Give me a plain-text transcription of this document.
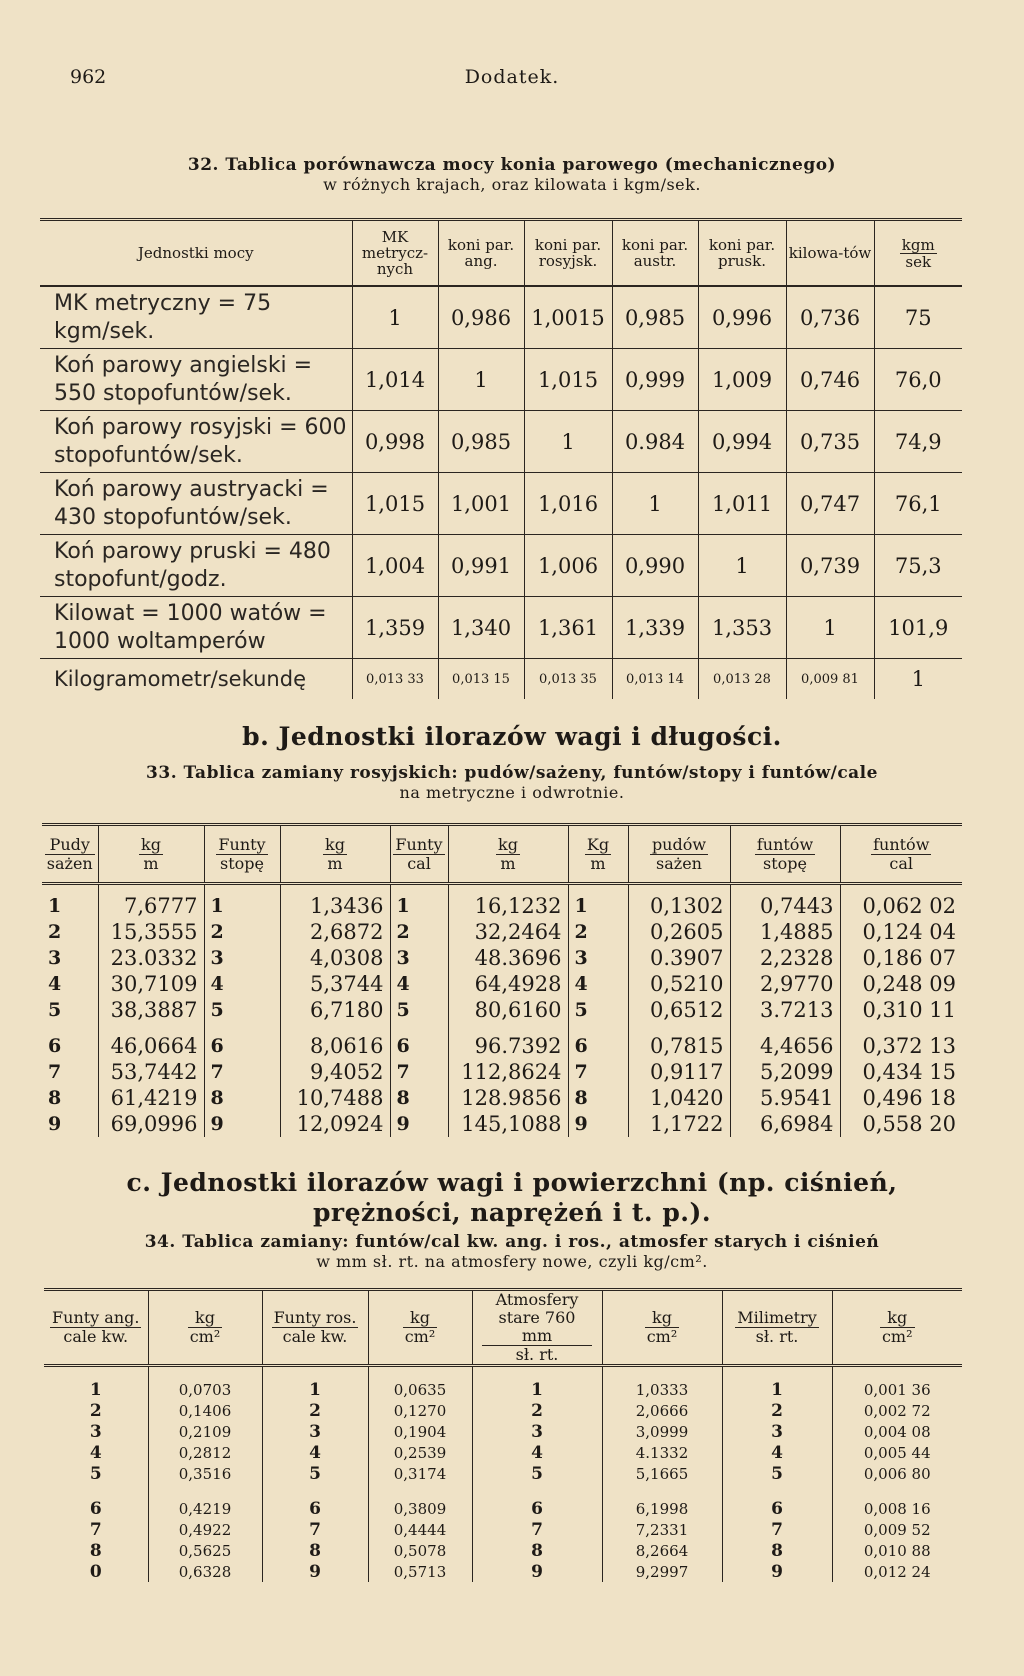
962	Dodatek.
32. Tablica porównawcza mocy konia parowego (mechanicznego)
w różnych krajach, oraz kilowata i kgm/sek.
Jednostki mocy	MK metrycz-nych	koni par. ang.	koni par. rosyjsk.	koni par. austr.	koni par. prusk.	kilowa-tów	$\frac{\text{kgm}}{\text{sek}}$

MK metryczny = 75 kgm/sek.	1	0,986	1,0015	0,985	0,996	0,736	75
Koń parowy angielski = 550 stopofuntów/sek.	1,014	1	1,015	0,999	1,009	0,746	76,0
Koń parowy rosyjski = 600 stopofuntów/sek.	0,998	0,985	1	0.984	0,994	0,735	74,9
Koń parowy austryacki = 430 stopofuntów/sek.	1,015	1,001	1,016	1	1,011	0,747	76,1
Koń parowy pruski = 480 stopofunt/godz.	1,004	0,991	1,006	0,990	1	0,739	75,3
Kilowat = 1000 watów = 1000 woltamperów	1,359	1,340	1,361	1,339	1,353	1	101,9
Kilogramometr/sekundę	0,013 33	0,013 15	0,013 35	0,013 14	0,013 28	0,009 81	1
b. Jednostki ilorazów wagi i długości.
33. Tablica zamiany rosyjskich: pudów/sażeny, funtów/stopy i funtów/cale
na metryczne i odwrotnie.
$\frac{\text{Pudy}}{\text{sażen}}$	$\frac{kg}{m}$	$\frac{\text{Funty}}{\text{stopę}}$	$\frac{kg}{m}$	$\frac{\text{Funty}}{\text{cal}}$	$\frac{kg}{m}$	$\frac{Kg}{m}$	$\frac{\text{pudów}}{\text{sażen}}$	$\frac{\text{funtów}}{\text{stopę}}$	$\frac{\text{funtów}}{\text{cal}}$

1	7,6777	1	1,3436	1	16,1232	1	0,1302	0,7443	0,062 02
2	15,3555	2	2,6872	2	32,2464	2	0,2605	1,4885	0,124 04
3	23.0332	3	4,0308	3	48.3696	3	0.3907	2,2328	0,186 07
4	30,7109	4	5,3744	4	64,4928	4	0,5210	2,9770	0,248 09
5	38,3887	5	6,7180	5	80,6160	5	0,6512	3.7213	0,310 11

6	46,0664	6	8,0616	6	96.7392	6	0,7815	4,4656	0,372 13
7	53,7442	7	9,4052	7	112,8624	7	0,9117	5,2099	0,434 15
8	61,4219	8	10,7488	8	128.9856	8	1,0420	5.9541	0,496 18
9	69,0996	9	12,0924	9	145,1088	9	1,1722	6,6984	0,558 20
c. Jednostki ilorazów wagi i powierzchni (np. ciśnień,
prężności, naprężeń i t. p.).
34. Tablica zamiany: funtów/cal kw. ang. i ros., atmosfer starych i ciśnień
w mm sł. rt. na atmosfery nowe, czyli kg/cm².
$\frac{\text{Funty ang.}}{\text{cale kw.}}$	$\frac{kg}{\text{cm²}}$	$\frac{\text{Funty ros.}}{\text{cale kw.}}$	$\frac{kg}{\text{cm²}}$	$\frac{\text{Atmosfery stare 760 mm}}{sł. rt.}$	$\frac{kg}{\text{cm²}}$	$\frac{\text{Milimetry}}{sł. rt.}$	$\frac{kg}{\text{cm²}}$

1	0,0703	1	0,0635	1	1,0333	1	0,001 36
2	0,1406	2	0,1270	2	2,0666	2	0,002 72
3	0,2109	3	0,1904	3	3,0999	3	0,004 08
4	0,2812	4	0,2539	4	4.1332	4	0,005 44
5	0,3516	5	0,3174	5	5,1665	5	0,006 80

6	0,4219	6	0,3809	6	6,1998	6	0,008 16
7	0,4922	7	0,4444	7	7,2331	7	0,009 52
8	0,5625	8	0,5078	8	8,2664	8	0,010 88
0	0,6328	9	0,5713	9	9,2997	9	0,012 24
